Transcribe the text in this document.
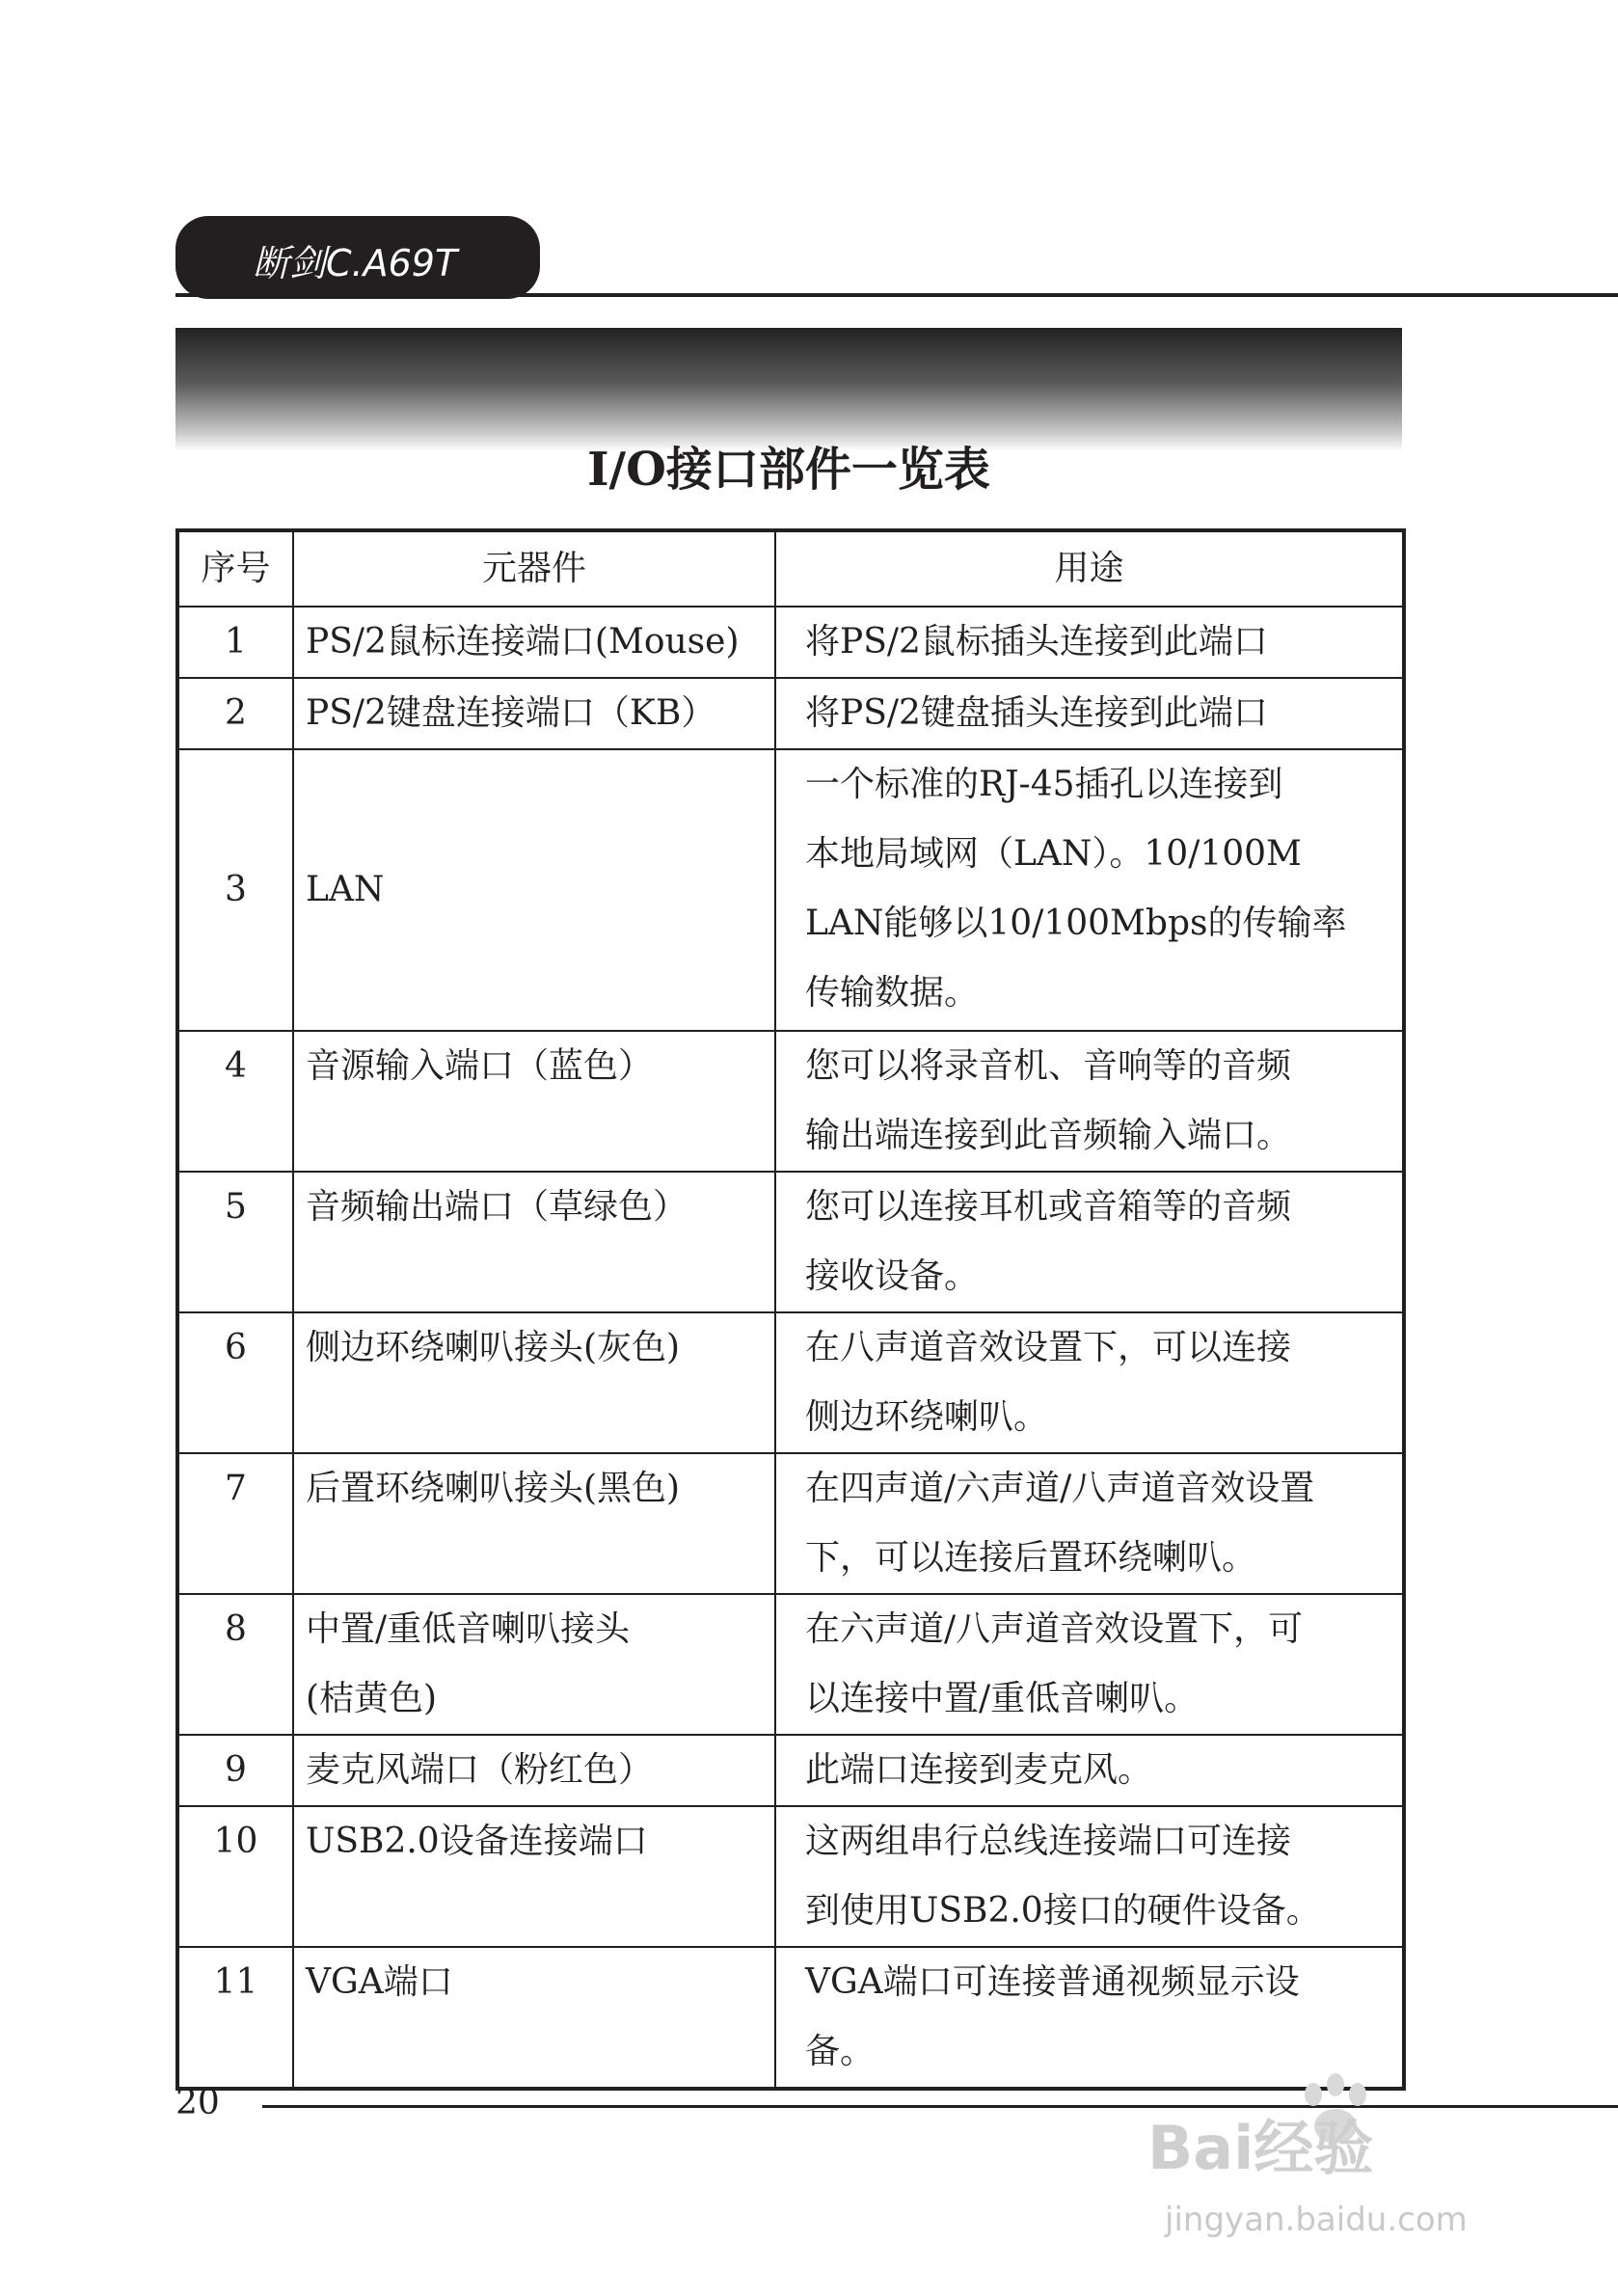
断剑C.A69T
I/O接口部件一览表
序号	元器件	用途
1	PS/2鼠标连接端口(Mouse)	将PS/2鼠标插头连接到此端口

2	PS/2键盘连接端口（KB）	将PS/2键盘插头连接到此端口

3	LAN	一个标准的RJ-45插孔以连接到
本地局域网（LAN）。10/100M
LAN能够以10/100Mbps的传输率
传输数据。

4	音源输入端口（蓝色）	您可以将录音机、音响等的音频
输出端连接到此音频输入端口。

5	音频输出端口（草绿色）	您可以连接耳机或音箱等的音频
接收设备。

6	侧边环绕喇叭接头(灰色)	在八声道音效设置下，可以连接
侧边环绕喇叭。

7	后置环绕喇叭接头(黑色)	在四声道/六声道/八声道音效设置
下，可以连接后置环绕喇叭。

8	中置/重低音喇叭接头
(桔黄色)	在六声道/八声道音效设置下，可
以连接中置/重低音喇叭。

9	麦克风端口（粉红色）	此端口连接到麦克风。

10	USB2.0设备连接端口	这两组串行总线连接端口可连接
到使用USB2.0接口的硬件设备。

11	VGA端口	VGA端口可连接普通视频显示设
备。
20
Bai经验
jingyan.baidu.com
